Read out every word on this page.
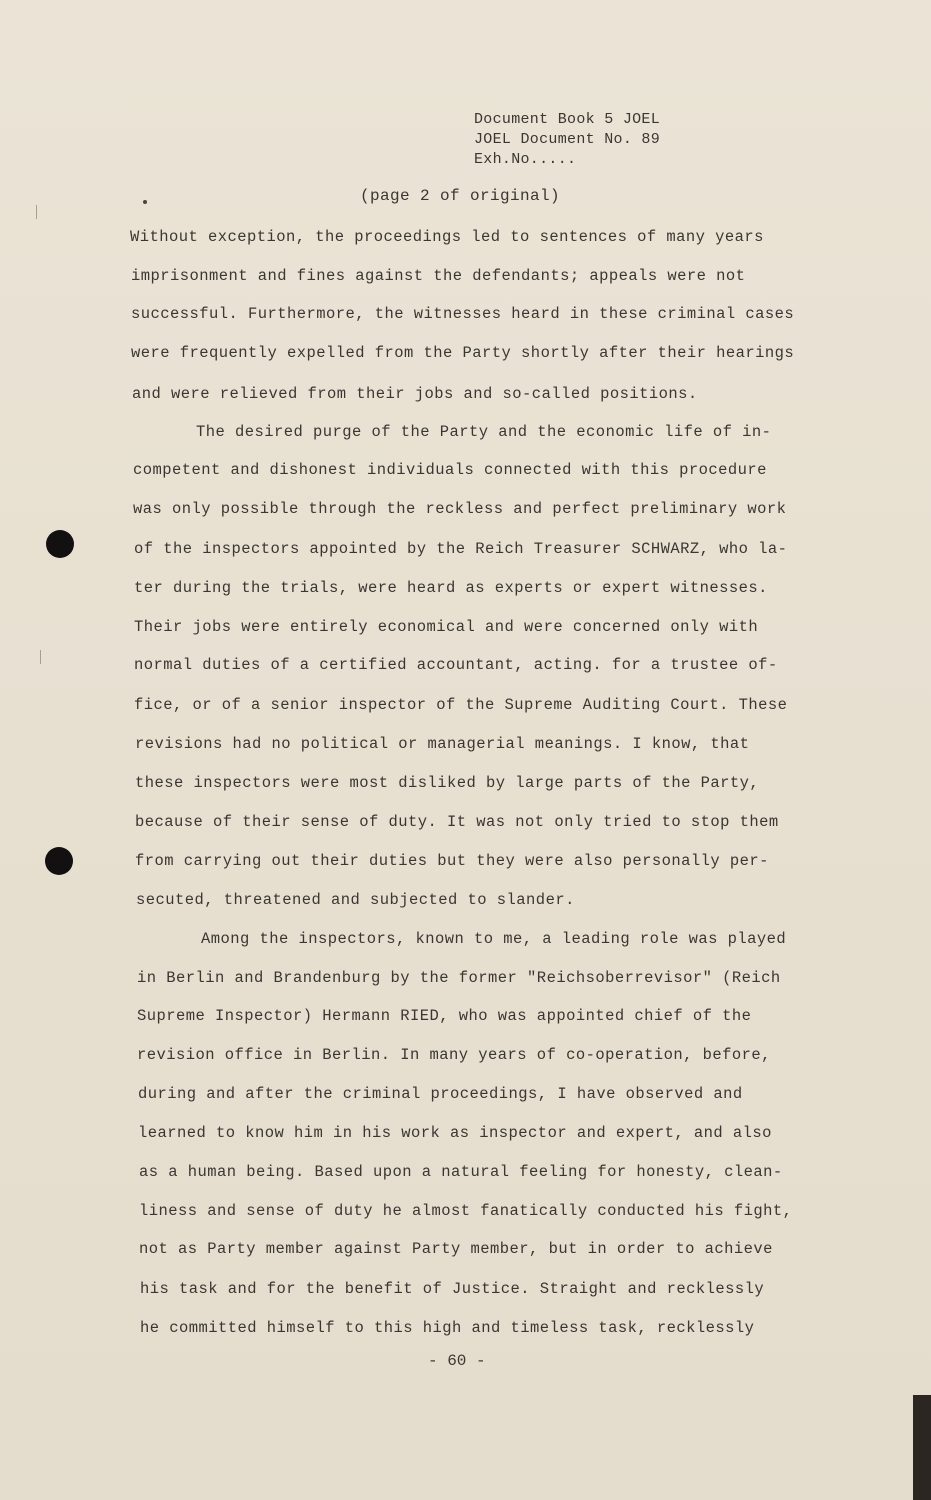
Document Book 5 JOEL
JOEL Document No. 89
Exh.No.....
(page 2 of original)
Without exception, the proceedings led to sentences of many years
imprisonment and fines against the defendants; appeals were not
successful. Furthermore, the witnesses heard in these criminal cases
were frequently expelled from the Party shortly after their hearings
and were relieved from their jobs and so-called positions.
The desired purge of the Party and the economic life of in-
competent and dishonest individuals connected with this procedure
was only possible through the reckless and perfect preliminary work
of the inspectors appointed by the Reich Treasurer SCHWARZ, who la-
ter during the trials, were heard as experts or expert witnesses.
Their jobs were entirely economical and were concerned only with
normal duties of a certified accountant, acting. for a trustee of-
fice, or of a senior inspector of the Supreme Auditing Court. These
revisions had no political or managerial meanings. I know, that
these inspectors were most disliked by large parts of the Party,
because of their sense of duty. It was not only tried to stop them
from carrying out their duties but they were also personally per-
secuted, threatened and subjected to slander.
Among the inspectors, known to me, a leading role was played
in Berlin and Brandenburg by the former "Reichsoberrevisor" (Reich
Supreme Inspector) Hermann RIED, who was appointed chief of the
revision office in Berlin. In many years of co-operation, before,
during and after the criminal proceedings, I have observed and
learned to know him in his work as inspector and expert, and also
as a human being. Based upon a natural feeling for honesty, clean-
liness and sense of duty he almost fanatically conducted his fight,
not as Party member against Party member, but in order to achieve
his task and for the benefit of Justice. Straight and recklessly
he committed himself to this high and timeless task, recklessly
- 60 -
